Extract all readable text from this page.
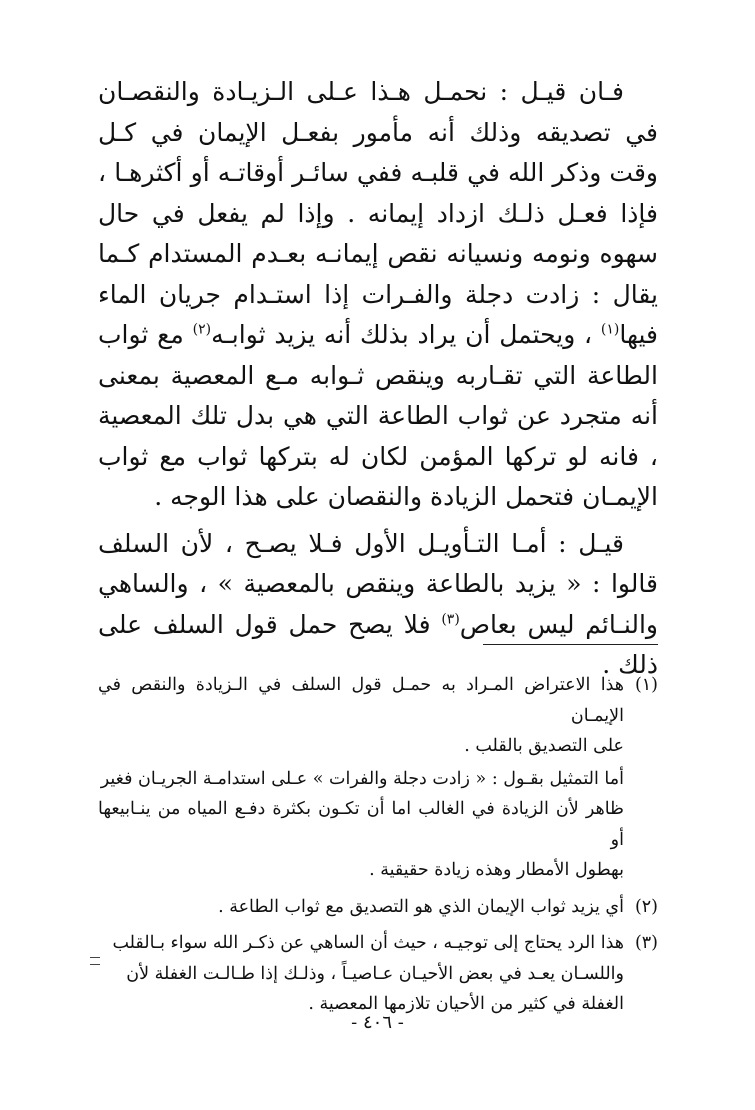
فـان قيـل : نحمـل هـذا عـلى الـزيـادة والنقصـان في تصديقه وذلك أنه مأمور بفعـل الإيمان في كـل وقت وذكر الله في قلبـه ففي سائـر أوقاتـه أو أكثرهـا ، فإذا فعـل ذلـك ازداد إيمانه . وإذا لم يفعل في حال سهوه ونومه ونسيانه نقص إيمانـه بعـدم المستدام كـما يقال : زادت دجلة والفـرات إذا استـدام جريان الماء فيها$^{(١)}$ ، ويحتمل أن يراد بذلك أنه يزيد ثوابـه$^{(٢)}$ مع ثواب الطاعة التي تقـاربه وينقص ثـوابه مـع المعصية بمعنى أنه متجرد عن ثواب الطاعة التي هي بدل تلك المعصية ، فانه لو تركها المؤمن لكان له بتركها ثواب مع ثواب الإيمـان فتحمل الزيادة والنقصان على هذا الوجه .

قيـل : أمـا التـأويـل الأول فـلا يصـح ، لأن السلف قالوا : « يزيد بالطاعة وينقص بالمعصية » ، والساهي والنـائم ليس بعاص$^{(٣)}$ فلا يصح حمل قول السلف على ذلك .

(١)
هذا الاعتراض المـراد به حمـل قول السلف في الـزيادة والنقص في الإيمـان
على التصديق بالقلب .
أما التمثيل بقـول : « زادت دجلة والفرات » عـلى استدامـة الجريـان فغير
ظاهر لأن الزيادة في الغالب اما أن تكـون بكثرة دفـع المياه من ينـابيعها أو
بهطول الأمطار وهذه زيادة حقيقية .
(٢)
أي يزيد ثواب الإيمان الذي هو التصديق مع ثواب الطاعة .
(٣)
هذا الرد يحتاج إلى توجيـه ، حيث أن الساهي عن ذكـر الله سواء بـالقلب
واللسـان يعـد في بعض الأحيـان عـاصيـاً ، وذلـك إذا طـالـت الغفلة لأن
الغفلة في كثير من الأحيان تلازمها المعصية .
- ٤٠٦ -
